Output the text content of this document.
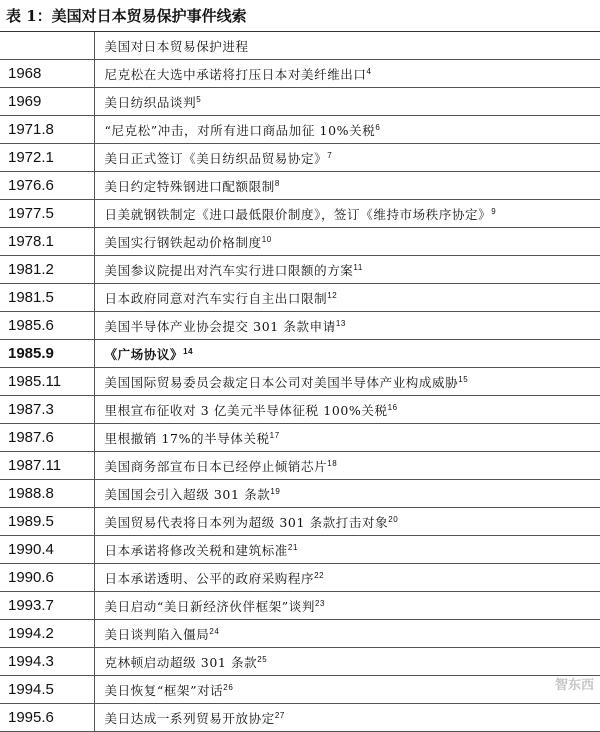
表 1：美国对日本贸易保护事件线索
	美国对日本贸易保护进程
1968	尼克松在大选中承诺将打压日本对美纤维出口$^4$
1969	美日纺织品谈判$^5$
1971.8	“尼克松”冲击，对所有进口商品加征 10%关税$^6$
1972.1	美日正式签订《美日纺织品贸易协定》$^7$
1976.6	美日约定特殊钢进口配额限制$^8$
1977.5	日美就钢铁制定《进口最低限价制度》，签订《维持市场秩序协定》$^9$
1978.1	美国实行钢铁起动价格制度$^{10}$
1981.2	美国参议院提出对汽车实行进口限额的方案$^{11}$
1981.5	日本政府同意对汽车实行自主出口限制$^{12}$
1985.6	美国半导体产业协会提交 301 条款申请$^{13}$
1985.9	《广场协议》$^{14}$
1985.11	美国国际贸易委员会裁定日本公司对美国半导体产业构成威胁$^{15}$
1987.3	里根宣布征收对 3 亿美元半导体征税 100%关税$^{16}$
1987.6	里根撤销 17%的半导体关税$^{17}$
1987.11	美国商务部宣布日本已经停止倾销芯片$^{18}$
1988.8	美国国会引入超级 301 条款$^{19}$
1989.5	美国贸易代表将日本列为超级 301 条款打击对象$^{20}$
1990.4	日本承诺将修改关税和建筑标准$^{21}$
1990.6	日本承诺透明、公平的政府采购程序$^{22}$
1993.7	美日启动“美日新经济伙伴框架”谈判$^{23}$
1994.2	美日谈判陷入僵局$^{24}$
1994.3	克林顿启动超级 301 条款$^{25}$
1994.5	美日恢复“框架”对话$^{26}$
1995.6	美日达成一系列贸易开放协定$^{27}$
智东西
